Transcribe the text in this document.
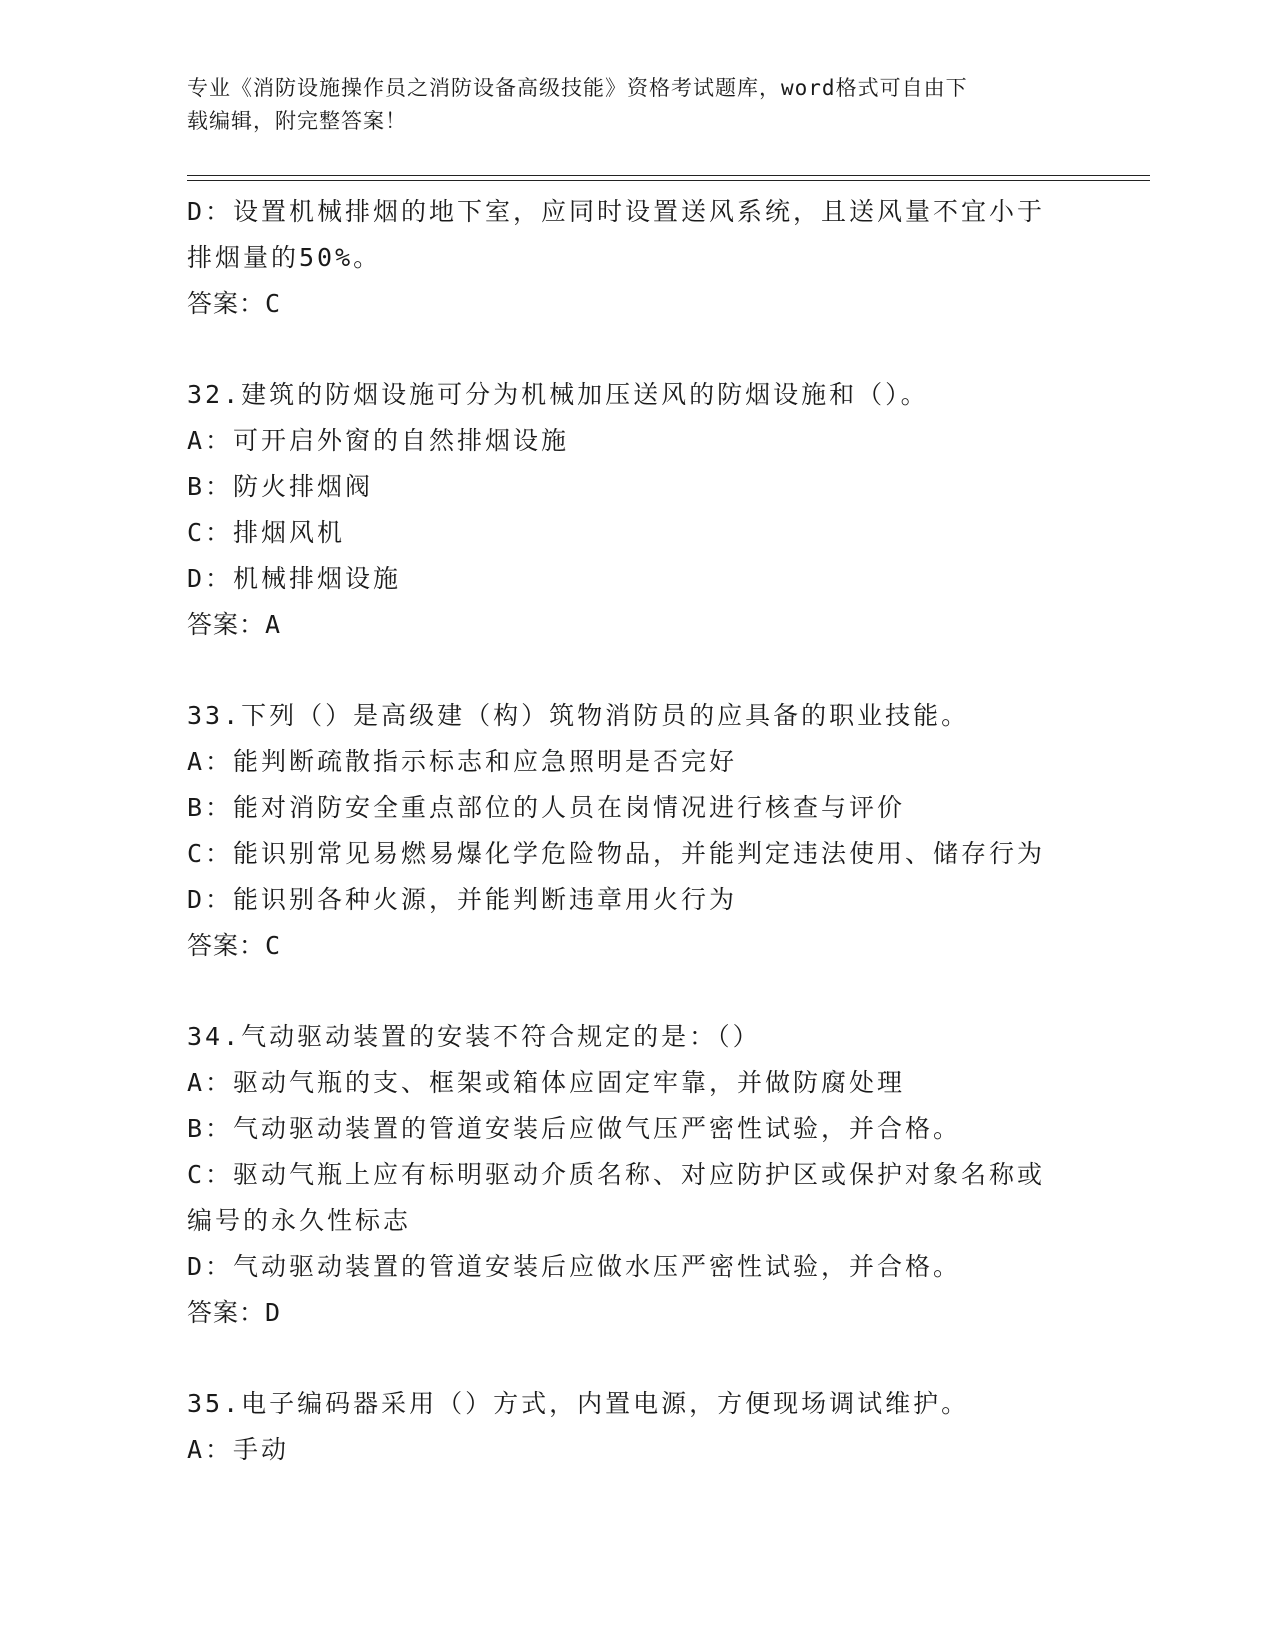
专业《消防设施操作员之消防设备高级技能》资格考试题库，word格式可自由下
载编辑，附完整答案！
D：设置机械排烟的地下室，应同时设置送风系统，且送风量不宜小于
排烟量的50%。
答案：C
32.建筑的防烟设施可分为机械加压送风的防烟设施和（）。
A：可开启外窗的自然排烟设施
B：防火排烟阀
C：排烟风机
D：机械排烟设施
答案：A
33.下列（）是高级建（构）筑物消防员的应具备的职业技能。
A：能判断疏散指示标志和应急照明是否完好
B：能对消防安全重点部位的人员在岗情况进行核查与评价
C：能识别常见易燃易爆化学危险物品，并能判定违法使用、储存行为
D：能识别各种火源，并能判断违章用火行为
答案：C
34.气动驱动装置的安装不符合规定的是：（）
A：驱动气瓶的支、框架或箱体应固定牢靠，并做防腐处理
B：气动驱动装置的管道安装后应做气压严密性试验，并合格。
C：驱动气瓶上应有标明驱动介质名称、对应防护区或保护对象名称或
编号的永久性标志
D：气动驱动装置的管道安装后应做水压严密性试验，并合格。
答案：D
35.电子编码器采用（）方式，内置电源，方便现场调试维护。
A：手动
